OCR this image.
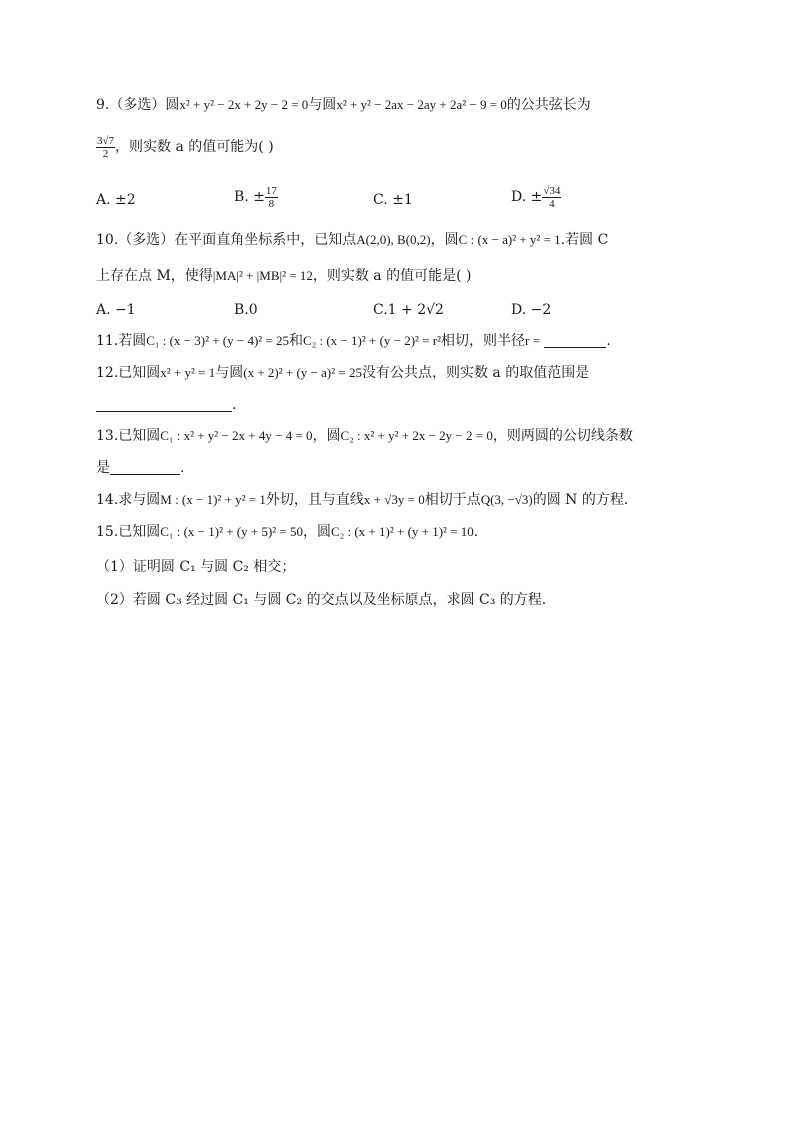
9.（多选）圆x² + y² − 2x + 2y − 2 = 0与圆x² + y² − 2ax − 2ay + 2a² − 9 = 0的公共弦长为
$\frac{3√7}{2}$ ，则实数 a 的值可能为( )
A. ±2	B. ± $\frac{17}{8}$	C. ±1	D. ± $\frac{√34}{4}$
10.（多选）在平面直角坐标系中，已知点A(2,0), B(0,2)，圆C : (x − a)² + y² = 1.若圆 C
上存在点 M，使得|MA|² + |MB|² = 12，则实数 a 的值可能是( )
A. −1	B.0	C.1 + 2√2	D. −2
11.若圆C₁ : (x − 3)² + (y − 4)² = 25和C₂ : (x − 1)² + (y − 2)² = r²相切，则半径r =	.
12.已知圆x² + y² = 1与圆(x + 2)² + (y − a)² = 25没有公共点，则实数 a 的取值范围是
.
13.已知圆C₁ : x² + y² − 2x + 4y − 4 = 0，圆C₂ : x² + y² + 2x − 2y − 2 = 0，则两圆的公切线条数
是	.
14.求与圆M : (x − 1)² + y² = 1外切，且与直线x + √3y = 0相切于点Q(3, −√3)的圆 N 的方程.
15.已知圆C₁ : (x − 1)² + (y + 5)² = 50，圆C₂ : (x + 1)² + (y + 1)² = 10.
（1）证明圆 C₁ 与圆 C₂ 相交；
（2）若圆 C₃ 经过圆 C₁ 与圆 C₂ 的交点以及坐标原点，求圆 C₃ 的方程.
